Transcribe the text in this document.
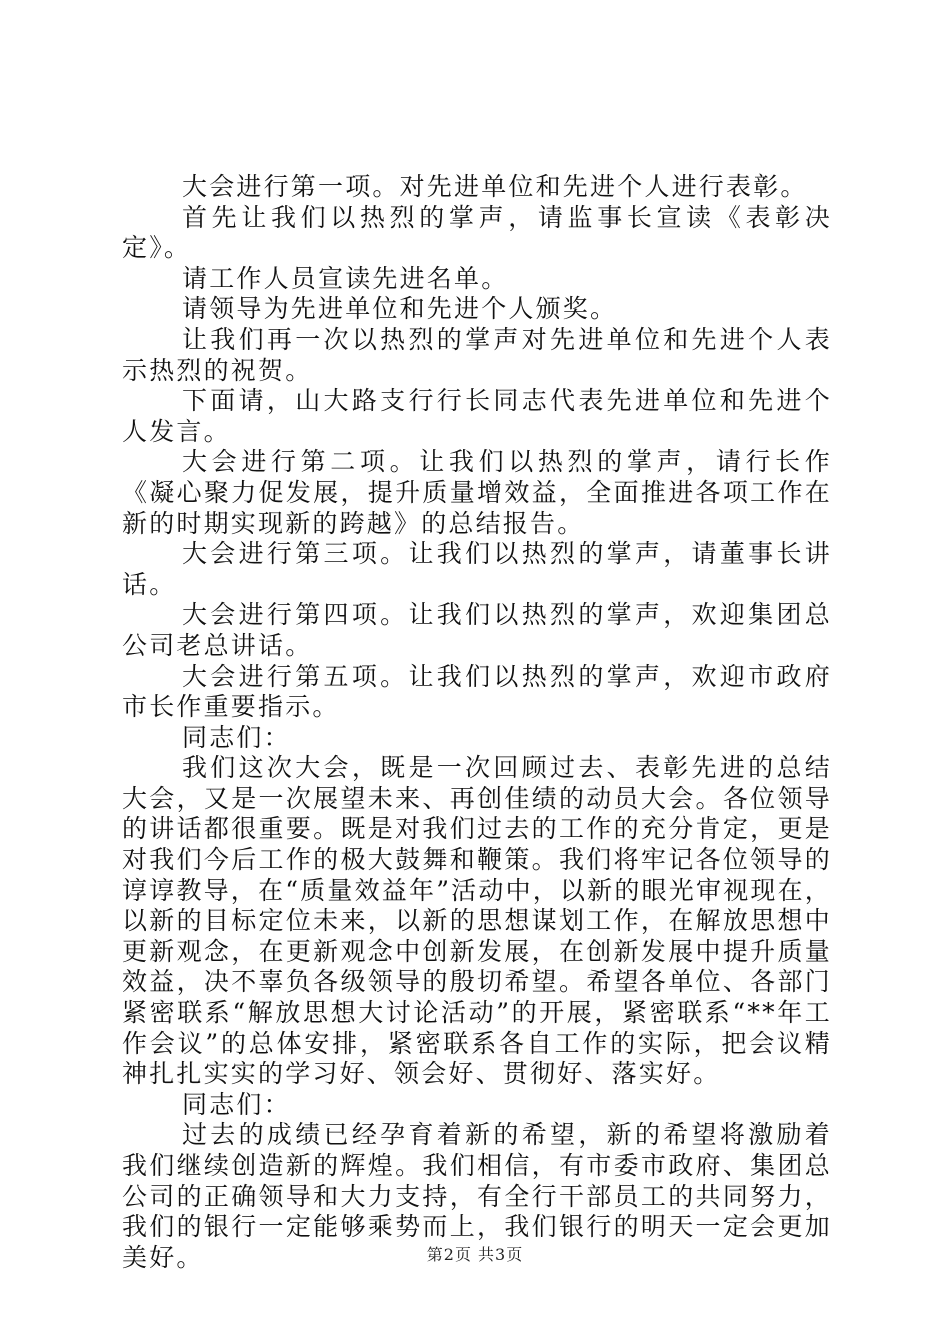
大会进行第一项。对先进单位和先进个人进行表彰。

首先让我们以热烈的掌声，请监事长宣读《表彰决定》。

请工作人员宣读先进名单。

请领导为先进单位和先进个人颁奖。

让我们再一次以热烈的掌声对先进单位和先进个人表示热烈的祝贺。

下面请，山大路支行行长同志代表先进单位和先进个人发言。

大会进行第二项。让我们以热烈的掌声，请行长作《凝心聚力促发展，提升质量增效益，全面推进各项工作在新的时期实现新的跨越》的总结报告。

大会进行第三项。让我们以热烈的掌声，请董事长讲话。

大会进行第四项。让我们以热烈的掌声，欢迎集团总公司老总讲话。

大会进行第五项。让我们以热烈的掌声，欢迎市政府市长作重要指示。

同志们：

我们这次大会，既是一次回顾过去、表彰先进的总结大会，又是一次展望未来、再创佳绩的动员大会。各位领导的讲话都很重要。既是对我们过去的工作的充分肯定，更是对我们今后工作的极大鼓舞和鞭策。我们将牢记各位领导的谆谆教导，在“质量效益年”活动中，以新的眼光审视现在，以新的目标定位未来，以新的思想谋划工作，在解放思想中更新观念，在更新观念中创新发展，在创新发展中提升质量效益，决不辜负各级领导的殷切希望。希望各单位、各部门紧密联系“解放思想大讨论活动”的开展，紧密联系“**年工作会议”的总体安排，紧密联系各自工作的实际，把会议精神扎扎实实的学习好、领会好、贯彻好、落实好。

同志们：

过去的成绩已经孕育着新的希望，新的希望将激励着我们继续创造新的辉煌。我们相信，有市委市政府、集团总公司的正确领导和大力支持，有全行干部员工的共同努力，我们的银行一定能够乘势而上，我们银行的明天一定会更加美好。	第2页 共3页
